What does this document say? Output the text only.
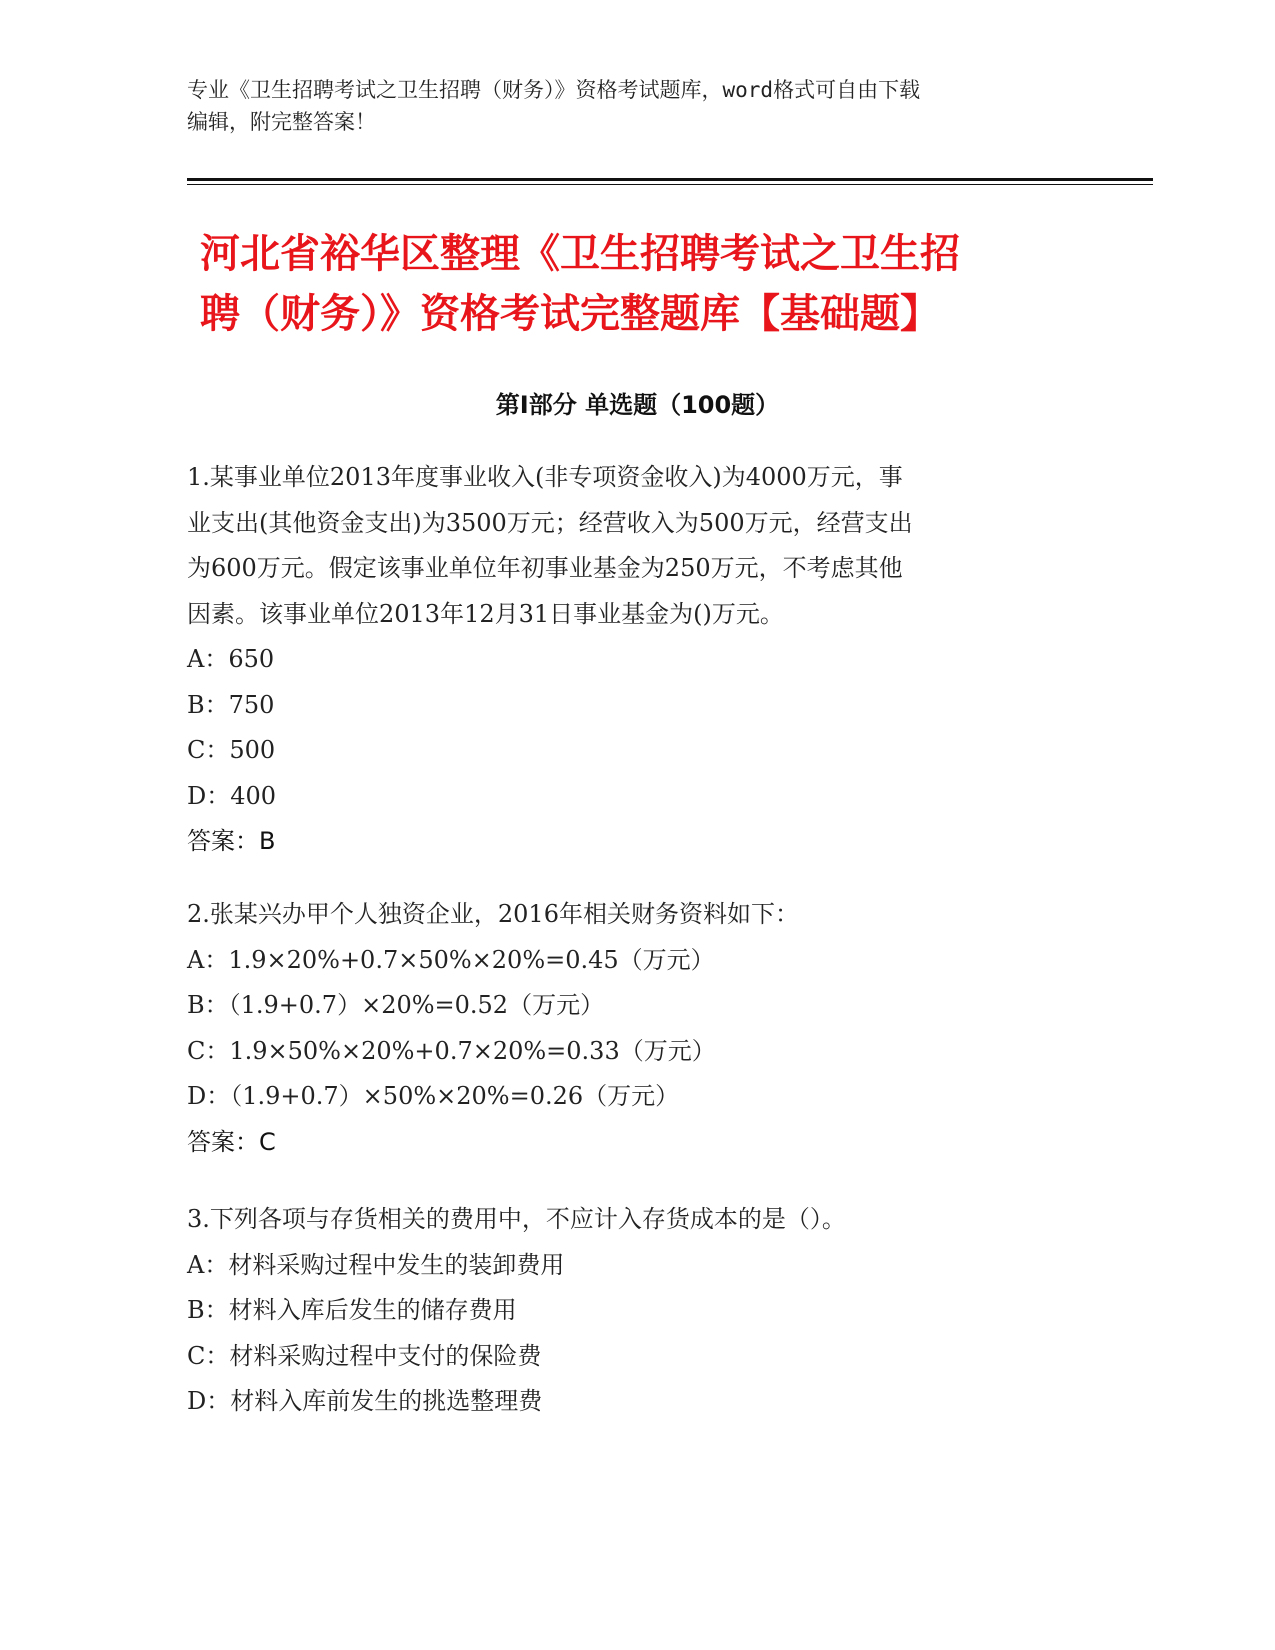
专业《卫生招聘考试之卫生招聘（财务）》资格考试题库，word格式可自由下载
编辑，附完整答案！
河北省裕华区整理《卫生招聘考试之卫生招
聘（财务）》资格考试完整题库【基础题】
第Ⅰ部分 单选题（100题）
1.某事业单位2013年度事业收入(非专项资金收入)为4000万元，事
业支出(其他资金支出)为3500万元；经营收入为500万元，经营支出
为600万元。假定该事业单位年初事业基金为250万元，不考虑其他
因素。该事业单位2013年12月31日事业基金为()万元。
A：650
B：750
C：500
D：400
答案：B
2.张某兴办甲个人独资企业，2016年相关财务资料如下：
A：1.9×20%+0.7×50%×20%=0.45（万元）
B：（1.9+0.7）×20%=0.52（万元）
C：1.9×50%×20%+0.7×20%=0.33（万元）
D：（1.9+0.7）×50%×20%=0.26（万元）
答案：C
3.下列各项与存货相关的费用中，不应计入存货成本的是（）。
A：材料采购过程中发生的装卸费用
B：材料入库后发生的储存费用
C：材料采购过程中支付的保险费
D：材料入库前发生的挑选整理费
